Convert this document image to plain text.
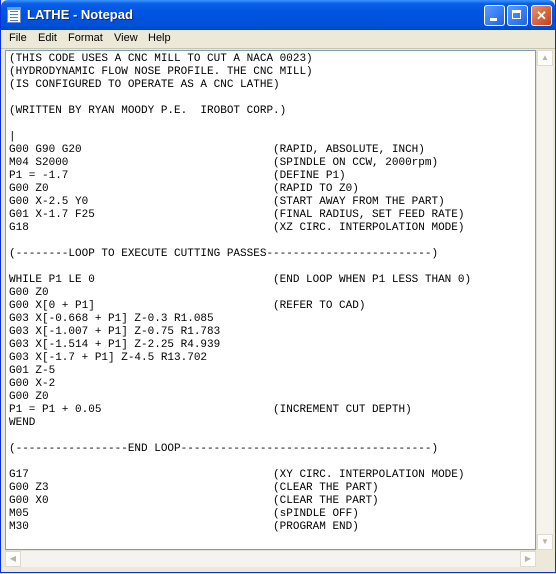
LATHE - Notepad	✕
File Edit Format View Help
(THIS CODE USES A CNC MILL TO CUT A NACA 0023)
(HYDRODYNAMIC FLOW NOSE PROFILE. THE CNC MILL)
(IS CONFIGURED TO OPERATE AS A CNC LATHE)

(WRITTEN BY RYAN MOODY P.E.  IROBOT CORP.)

|
G00 G90 G20                             (RAPID, ABSOLUTE, INCH)
M04 S2000                               (SPINDLE ON CCW, 2000rpm)
P1 = -1.7                               (DEFINE P1)
G00 Z0                                  (RAPID TO Z0)
G00 X-2.5 Y0                            (START AWAY FROM THE PART)
G01 X-1.7 F25                           (FINAL RADIUS, SET FEED RATE)
G18                                     (XZ CIRC. INTERPOLATION MODE)

(--------LOOP TO EXECUTE CUTTING PASSES-------------------------)

WHILE P1 LE 0                           (END LOOP WHEN P1 LESS THAN 0)
G00 Z0
G00 X[0 + P1]                           (REFER TO CAD)
G03 X[-0.668 + P1] Z-0.3 R1.085
G03 X[-1.007 + P1] Z-0.75 R1.783
G03 X[-1.514 + P1] Z-2.25 R4.939
G03 X[-1.7 + P1] Z-4.5 R13.702
G01 Z-5
G00 X-2
G00 Z0
P1 = P1 + 0.05                          (INCREMENT CUT DEPTH)
WEND

(-----------------END LOOP--------------------------------------)

G17                                     (XY CIRC. INTERPOLATION MODE)
G00 Z3                                  (CLEAR THE PART)
G00 X0                                  (CLEAR THE PART)
M05                                     (sPINDLE OFF)
M30                                     (PROGRAM END)
▲
▼
◀	▶
